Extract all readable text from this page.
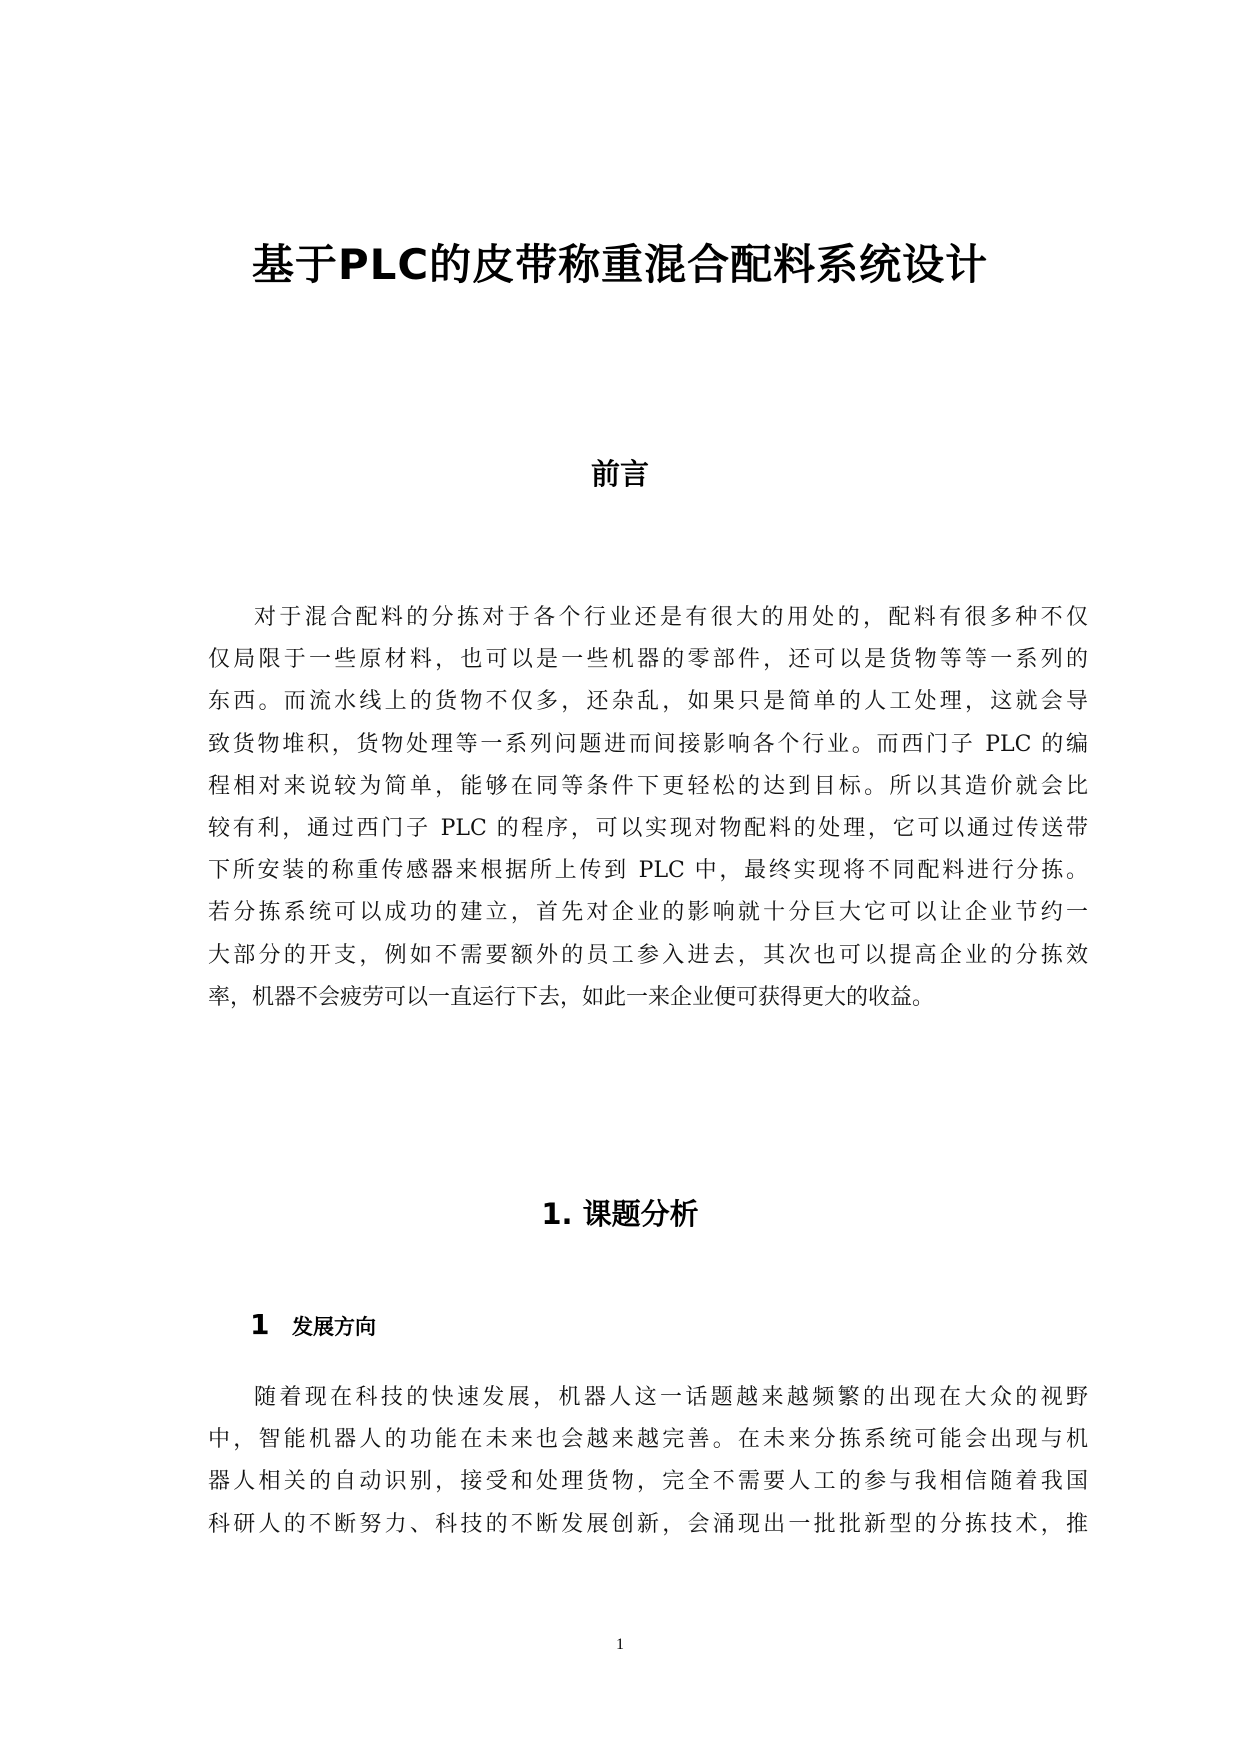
基于PLC的皮带称重混合配料系统设计
前言
对于混合配料的分拣对于各个行业还是有很大的用处的，配料有很多种不仅
仅局限于一些原材料，也可以是一些机器的零部件，还可以是货物等等一系列的
东西。而流水线上的货物不仅多，还杂乱，如果只是简单的人工处理，这就会导
致货物堆积，货物处理等一系列问题进而间接影响各个行业。而西门子 PLC 的编
程相对来说较为简单，能够在同等条件下更轻松的达到目标。所以其造价就会比
较有利，通过西门子 PLC 的程序，可以实现对物配料的处理，它可以通过传送带
下所安装的称重传感器来根据所上传到 PLC 中，最终实现将不同配料进行分拣。
若分拣系统可以成功的建立，首先对企业的影响就十分巨大它可以让企业节约一
大部分的开支，例如不需要额外的员工参入进去，其次也可以提高企业的分拣效
率，机器不会疲劳可以一直运行下去，如此一来企业便可获得更大的收益。
1. 课题分析
1 发展方向
随着现在科技的快速发展，机器人这一话题越来越频繁的出现在大众的视野
中，智能机器人的功能在未来也会越来越完善。在未来分拣系统可能会出现与机
器人相关的自动识别，接受和处理货物，完全不需要人工的参与我相信随着我国
科研人的不断努力、科技的不断发展创新，会涌现出一批批新型的分拣技术，推
1
